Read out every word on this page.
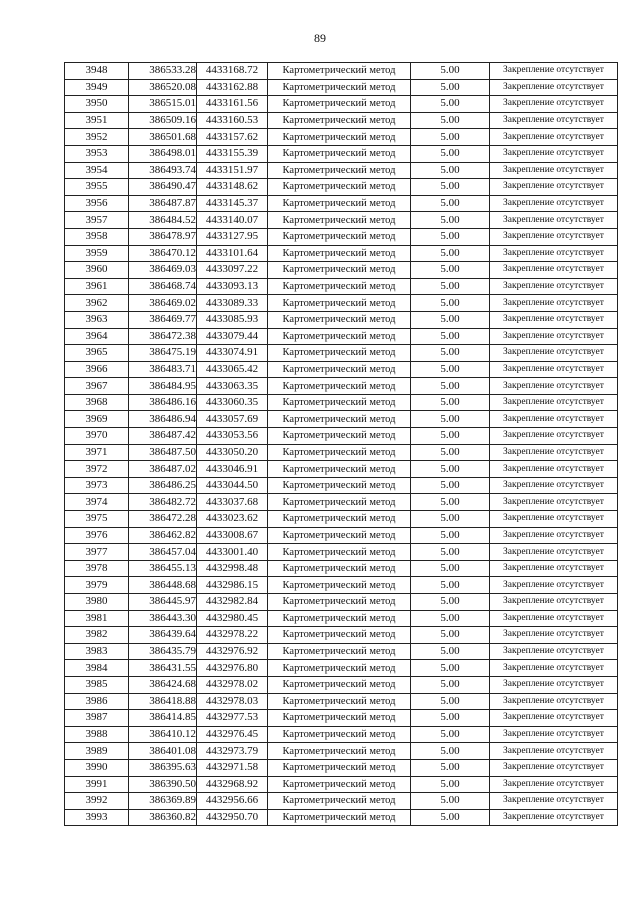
89
3948	386533.28	4433168.72	Картометрический метод	5.00	Закрепление отсутствует
3949	386520.08	4433162.88	Картометрический метод	5.00	Закрепление отсутствует
3950	386515.01	4433161.56	Картометрический метод	5.00	Закрепление отсутствует
3951	386509.16	4433160.53	Картометрический метод	5.00	Закрепление отсутствует
3952	386501.68	4433157.62	Картометрический метод	5.00	Закрепление отсутствует
3953	386498.01	4433155.39	Картометрический метод	5.00	Закрепление отсутствует
3954	386493.74	4433151.97	Картометрический метод	5.00	Закрепление отсутствует
3955	386490.47	4433148.62	Картометрический метод	5.00	Закрепление отсутствует
3956	386487.87	4433145.37	Картометрический метод	5.00	Закрепление отсутствует
3957	386484.52	4433140.07	Картометрический метод	5.00	Закрепление отсутствует
3958	386478.97	4433127.95	Картометрический метод	5.00	Закрепление отсутствует
3959	386470.12	4433101.64	Картометрический метод	5.00	Закрепление отсутствует
3960	386469.03	4433097.22	Картометрический метод	5.00	Закрепление отсутствует
3961	386468.74	4433093.13	Картометрический метод	5.00	Закрепление отсутствует
3962	386469.02	4433089.33	Картометрический метод	5.00	Закрепление отсутствует
3963	386469.77	4433085.93	Картометрический метод	5.00	Закрепление отсутствует
3964	386472.38	4433079.44	Картометрический метод	5.00	Закрепление отсутствует
3965	386475.19	4433074.91	Картометрический метод	5.00	Закрепление отсутствует
3966	386483.71	4433065.42	Картометрический метод	5.00	Закрепление отсутствует
3967	386484.95	4433063.35	Картометрический метод	5.00	Закрепление отсутствует
3968	386486.16	4433060.35	Картометрический метод	5.00	Закрепление отсутствует
3969	386486.94	4433057.69	Картометрический метод	5.00	Закрепление отсутствует
3970	386487.42	4433053.56	Картометрический метод	5.00	Закрепление отсутствует
3971	386487.50	4433050.20	Картометрический метод	5.00	Закрепление отсутствует
3972	386487.02	4433046.91	Картометрический метод	5.00	Закрепление отсутствует
3973	386486.25	4433044.50	Картометрический метод	5.00	Закрепление отсутствует
3974	386482.72	4433037.68	Картометрический метод	5.00	Закрепление отсутствует
3975	386472.28	4433023.62	Картометрический метод	5.00	Закрепление отсутствует
3976	386462.82	4433008.67	Картометрический метод	5.00	Закрепление отсутствует
3977	386457.04	4433001.40	Картометрический метод	5.00	Закрепление отсутствует
3978	386455.13	4432998.48	Картометрический метод	5.00	Закрепление отсутствует
3979	386448.68	4432986.15	Картометрический метод	5.00	Закрепление отсутствует
3980	386445.97	4432982.84	Картометрический метод	5.00	Закрепление отсутствует
3981	386443.30	4432980.45	Картометрический метод	5.00	Закрепление отсутствует
3982	386439.64	4432978.22	Картометрический метод	5.00	Закрепление отсутствует
3983	386435.79	4432976.92	Картометрический метод	5.00	Закрепление отсутствует
3984	386431.55	4432976.80	Картометрический метод	5.00	Закрепление отсутствует
3985	386424.68	4432978.02	Картометрический метод	5.00	Закрепление отсутствует
3986	386418.88	4432978.03	Картометрический метод	5.00	Закрепление отсутствует
3987	386414.85	4432977.53	Картометрический метод	5.00	Закрепление отсутствует
3988	386410.12	4432976.45	Картометрический метод	5.00	Закрепление отсутствует
3989	386401.08	4432973.79	Картометрический метод	5.00	Закрепление отсутствует
3990	386395.63	4432971.58	Картометрический метод	5.00	Закрепление отсутствует
3991	386390.50	4432968.92	Картометрический метод	5.00	Закрепление отсутствует
3992	386369.89	4432956.66	Картометрический метод	5.00	Закрепление отсутствует
3993	386360.82	4432950.70	Картометрический метод	5.00	Закрепление отсутствует
